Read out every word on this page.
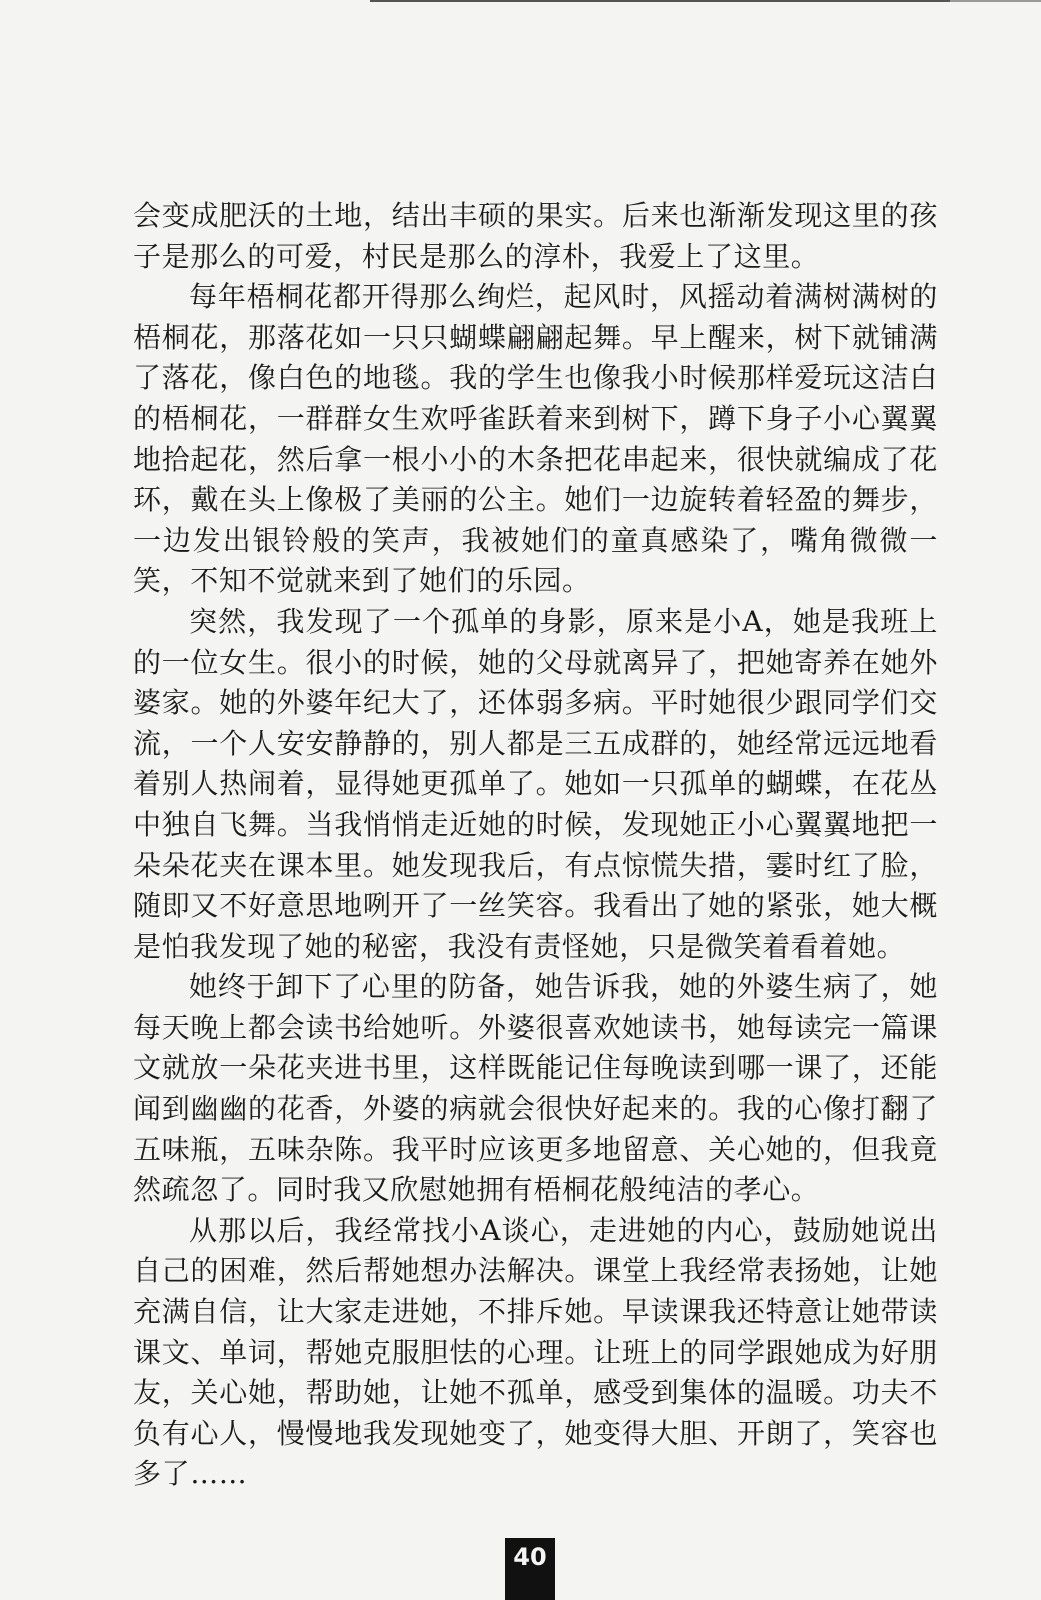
会变成肥沃的土地，结出丰硕的果实。后来也渐渐发现这里的孩子是那么的可爱，村民是那么的淳朴，我爱上了这里。

每年梧桐花都开得那么绚烂，起风时，风摇动着满树满树的梧桐花，那落花如一只只蝴蝶翩翩起舞。早上醒来，树下就铺满了落花，像白色的地毯。我的学生也像我小时候那样爱玩这洁白的梧桐花，一群群女生欢呼雀跃着来到树下，蹲下身子小心翼翼地拾起花，然后拿一根小小的木条把花串起来，很快就编成了花环，戴在头上像极了美丽的公主。她们一边旋转着轻盈的舞步，一边发出银铃般的笑声，我被她们的童真感染了，嘴角微微一笑，不知不觉就来到了她们的乐园。

突然，我发现了一个孤单的身影，原来是小A，她是我班上的一位女生。很小的时候，她的父母就离异了，把她寄养在她外婆家。她的外婆年纪大了，还体弱多病。平时她很少跟同学们交流，一个人安安静静的，别人都是三五成群的，她经常远远地看着别人热闹着，显得她更孤单了。她如一只孤单的蝴蝶，在花丛中独自飞舞。当我悄悄走近她的时候，发现她正小心翼翼地把一朵朵花夹在课本里。她发现我后，有点惊慌失措，霎时红了脸，随即又不好意思地咧开了一丝笑容。我看出了她的紧张，她大概是怕我发现了她的秘密，我没有责怪她，只是微笑着看着她。

她终于卸下了心里的防备，她告诉我，她的外婆生病了，她每天晚上都会读书给她听。外婆很喜欢她读书，她每读完一篇课文就放一朵花夹进书里，这样既能记住每晚读到哪一课了，还能闻到幽幽的花香，外婆的病就会很快好起来的。我的心像打翻了五味瓶，五味杂陈。我平时应该更多地留意、关心她的，但我竟然疏忽了。同时我又欣慰她拥有梧桐花般纯洁的孝心。

从那以后，我经常找小A谈心，走进她的内心，鼓励她说出自己的困难，然后帮她想办法解决。课堂上我经常表扬她，让她充满自信，让大家走进她，不排斥她。早读课我还特意让她带读课文、单词，帮她克服胆怯的心理。让班上的同学跟她成为好朋友，关心她，帮助她，让她不孤单，感受到集体的温暖。功夫不负有心人，慢慢地我发现她变了，她变得大胆、开朗了，笑容也多了……

40
